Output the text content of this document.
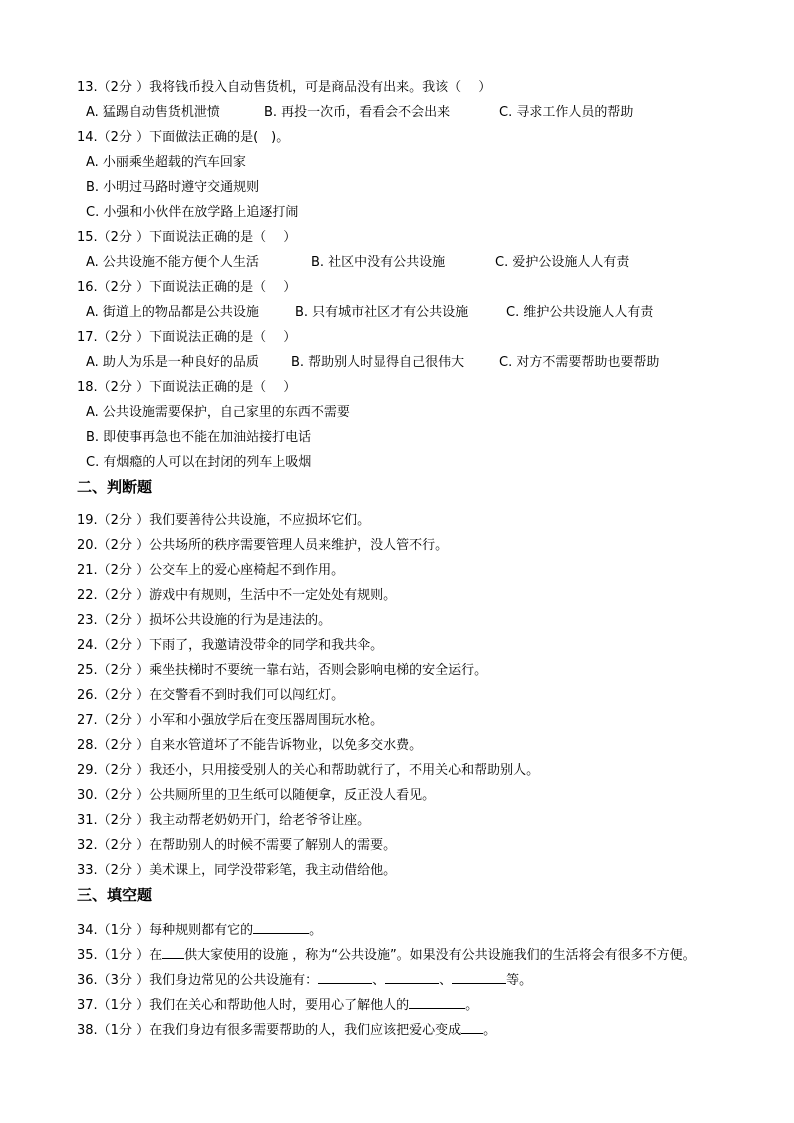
13.（2分 ）我将钱币投入自动售货机，可是商品没有出来。我该（　 ）
A. 猛踢自动售货机泄愤	B. 再投一次币，看看会不会出来	C. 寻求工作人员的帮助
14.（2分 ）下面做法正确的是(　)。
A. 小丽乘坐超载的汽车回家
B. 小明过马路时遵守交通规则
C. 小强和小伙伴在放学路上追逐打闹
15.（2分 ）下面说法正确的是（　 ）
A. 公共设施不能方便个人生活	B. 社区中没有公共设施	C. 爱护公设施人人有责
16.（2分 ）下面说法正确的是（　 ）
A. 街道上的物品都是公共设施	B. 只有城市社区才有公共设施	C. 维护公共设施人人有责
17.（2分 ）下面说法正确的是（　 ）
A. 助人为乐是一种良好的品质 B. 帮助别人时显得自己很伟大	C. 对方不需要帮助也要帮助
18.（2分 ）下面说法正确的是（　 ）
A. 公共设施需要保护，自己家里的东西不需要
B. 即使事再急也不能在加油站接打电话
C. 有烟瘾的人可以在封闭的列车上吸烟
二、判断题
19.（2分 ）我们要善待公共设施，不应损坏它们。
20.（2分 ）公共场所的秩序需要管理人员来维护，没人管不行。
21.（2分 ）公交车上的爱心座椅起不到作用。
22.（2分 ）游戏中有规则，生活中不一定处处有规则。
23.（2分 ）损坏公共设施的行为是违法的。
24.（2分 ）下雨了，我邀请没带伞的同学和我共伞。
25.（2分 ）乘坐扶梯时不要统一靠右站，否则会影响电梯的安全运行。
26.（2分 ）在交警看不到时我们可以闯红灯。
27.（2分 ）小军和小强放学后在变压器周围玩水枪。
28.（2分 ）自来水管道坏了不能告诉物业，以免多交水费。
29.（2分 ）我还小，只用接受别人的关心和帮助就行了，不用关心和帮助别人。
30.（2分 ）公共厕所里的卫生纸可以随便拿，反正没人看见。
31.（2分 ）我主动帮老奶奶开门，给老爷爷让座。
32.（2分 ）在帮助别人的时候不需要了解别人的需要。
33.（2分 ）美术课上，同学没带彩笔，我主动借给他。
三、填空题
34.（1分 ）每种规则都有它的	。
35.（1分 ）在 供大家使用的设施 ，称为“公共设施”。如果没有公共设施我们的生活将会有很多不方便。
36.（3分 ）我们身边常见的公共设施有：	、	、	等。
37.（1分 ）我们在关心和帮助他人时，要用心了解他人的	。
38.（1分 ）在我们身边有很多需要帮助的人，我们应该把爱心变成 。
